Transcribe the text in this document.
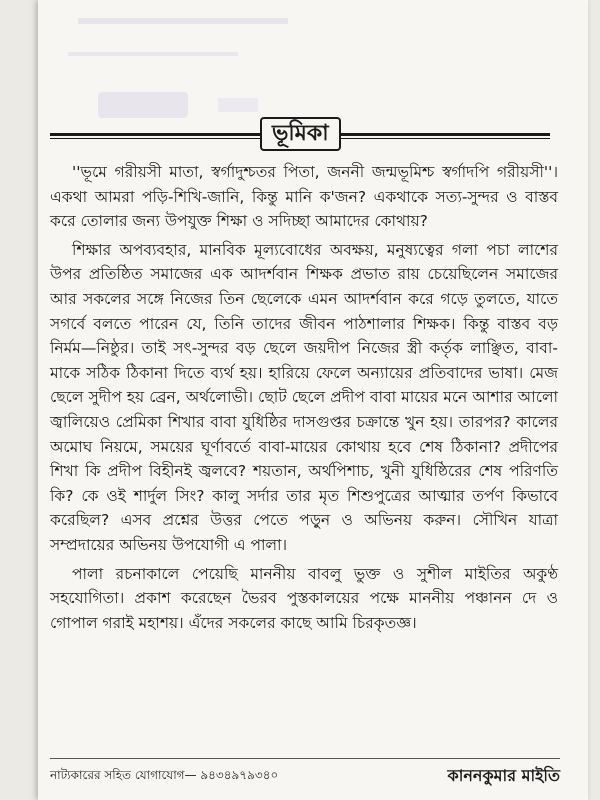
ভূমিকা

''ভূমে গরীয়সী মাতা, স্বর্গাদুশ্চতর পিতা, জননী জন্মভূমিশ্চ স্বর্গাদপি গরীয়সী''। একথা আমরা পড়ি-শিখি-জানি, কিন্তু মানি ক'জন? একথাকে সত্য-সুন্দর ও বাস্তব করে তোলার জন্য উপযুক্ত শিক্ষা ও সদিচ্ছা আমাদের কোথায়?

শিক্ষার অপব্যবহার, মানবিক মূল্যবোধের অবক্ষয়, মনুষ্যত্বের গলা পচা লাশের উপর প্রতিষ্ঠিত সমাজের এক আদর্শবান শিক্ষক প্রভাত রায় চেয়েছিলেন সমাজের আর সকলের সঙ্গে নিজের তিন ছেলেকে এমন আদর্শবান করে গড়ে তুলতে, যাতে সগর্বে বলতে পারেন যে, তিনি তাদের জীবন পাঠশালার শিক্ষক। কিন্তু বাস্তব বড় নির্মম—নিষ্ঠুর। তাই সৎ-সুন্দর বড় ছেলে জয়দীপ নিজের স্ত্রী কর্তৃক লাঞ্ছিত, বাবা-মাকে সঠিক ঠিকানা দিতে ব্যর্থ হয়। হারিয়ে ফেলে অন্যায়ের প্রতিবাদের ভাষা। মেজ ছেলে সুদীপ হয় ব্রেন, অর্থলোভী। ছোট ছেলে প্রদীপ বাবা মায়ের মনে আশার আলো জ্বালিয়েও প্রেমিকা শিখার বাবা যুধিষ্ঠির দাসগুপ্তর চক্রান্তে খুন হয়। তারপর? কালের অমোঘ নিয়মে, সময়ের ঘূর্ণাবর্তে বাবা-মায়ের কোথায় হবে শেষ ঠিকানা? প্রদীপের শিখা কি প্রদীপ বিহীনই জ্বলবে? শয়তান, অর্থপিশাচ, খুনী যুধিষ্ঠিরের শেষ পরিণতি কি? কে ওই শার্দুল সিং? কালু সর্দার তার মৃত শিশুপুত্রের আত্মার তর্পণ কিভাবে করেছিল? এসব প্রশ্নের উত্তর পেতে পড়ুন ও অভিনয় করুন। সৌখিন যাত্রা সম্প্রদায়ের অভিনয় উপযোগী এ পালা।

পালা রচনাকালে পেয়েছি মাননীয় বাবলু ভুক্ত ও সুশীল মাইতির অকুণ্ঠ সহযোগিতা। প্রকাশ করেছেন ভৈরব পুস্তকালয়ের পক্ষে মাননীয় পঞ্চানন দে ও গোপাল গরাই মহাশয়। এঁদের সকলের কাছে আমি চিরকৃতজ্ঞ।

নাট্যকারের সহিত যোগাযোগ— ৯৪৩৪৯৭৯৩৪০	কাননকুমার মাইতি
